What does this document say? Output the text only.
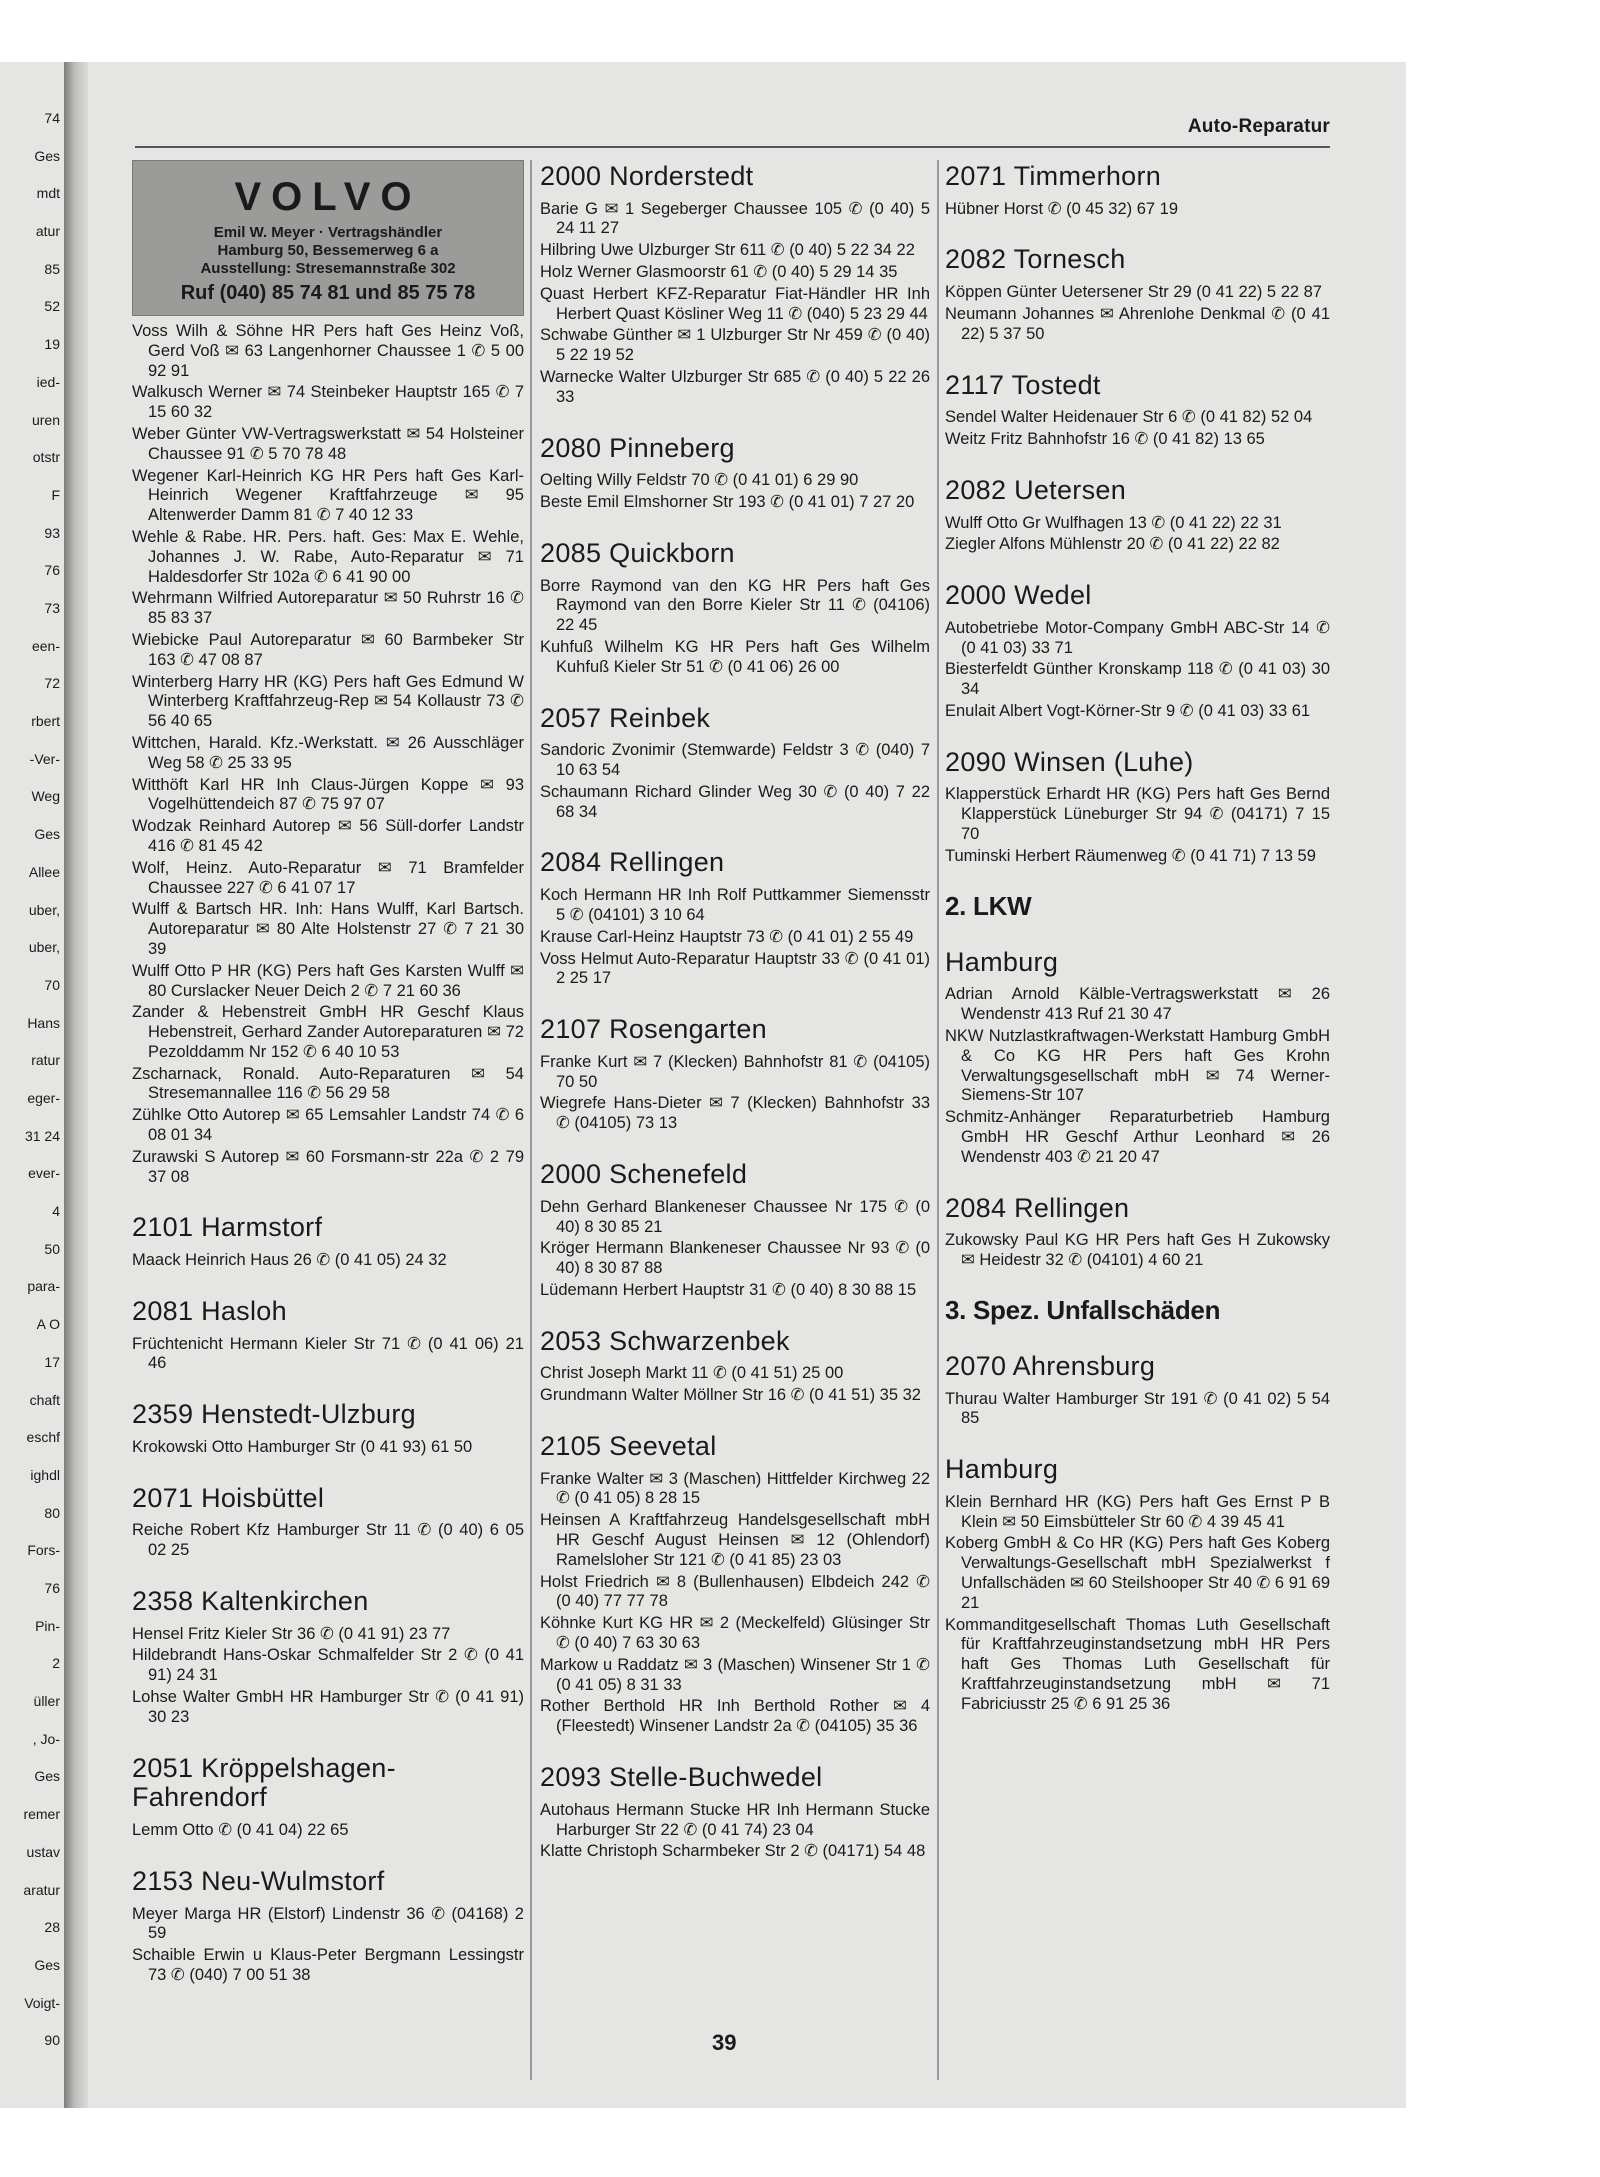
74
Ges
mdt
atur
85
52
19
ied-
uren
otstr
F
93
76
73
een-
72
rbert
-Ver-
Weg
Ges
Allee
uber,
uber,
70
Hans
ratur
eger-
31 24
ever-
4
50
para-
A O
17
chaft
eschf
ighdl
80
Fors-
76
Pin-
2
üller
, Jo-
Ges
remer
ustav
aratur
28
Ges
Voigt-
90
Auto-Reparatur
VOLVO
Emil W. Meyer · Vertragshändler
Hamburg 50, Bessemerweg 6 a
Ausstellung: Stresemannstraße 302
Ruf (040) 85 74 81 und 85 75 78
Voss Wilh & Söhne HR Pers haft Ges Heinz Voß, Gerd Voß ✉ 63 Langenhorner Chaussee 1 ✆ 5 00 92 91
Walkusch Werner ✉ 74 Steinbeker Hauptstr 165 ✆ 7 15 60 32
Weber Günter VW-Vertragswerkstatt ✉ 54 Holsteiner Chaussee 91 ✆ 5 70 78 48
Wegener Karl-Heinrich KG HR Pers haft Ges Karl-Heinrich Wegener Kraftfahrzeuge ✉ 95 Altenwerder Damm 81 ✆ 7 40 12 33
Wehle & Rabe. HR. Pers. haft. Ges: Max E. Wehle, Johannes J. W. Rabe, Auto-Reparatur ✉ 71 Haldesdorfer Str 102a ✆ 6 41 90 00
Wehrmann Wilfried Autoreparatur ✉ 50 Ruhrstr 16 ✆ 85 83 37
Wiebicke Paul Autoreparatur ✉ 60 Barmbeker Str 163 ✆ 47 08 87
Winterberg Harry HR (KG) Pers haft Ges Edmund W Winterberg Kraftfahrzeug-Rep ✉ 54 Kollaustr 73 ✆ 56 40 65
Wittchen, Harald. Kfz.-Werkstatt. ✉ 26 Ausschläger Weg 58 ✆ 25 33 95
Witthöft Karl HR Inh Claus-Jürgen Koppe ✉ 93 Vogelhüttendeich 87 ✆ 75 97 07
Wodzak Reinhard Autorep ✉ 56 Süll-dorfer Landstr 416 ✆ 81 45 42
Wolf, Heinz. Auto-Reparatur ✉ 71 Bramfelder Chaussee 227 ✆ 6 41 07 17
Wulff & Bartsch HR. Inh: Hans Wulff, Karl Bartsch. Autoreparatur ✉ 80 Alte Holstenstr 27 ✆ 7 21 30 39
Wulff Otto P HR (KG) Pers haft Ges Karsten Wulff ✉ 80 Curslacker Neuer Deich 2 ✆ 7 21 60 36
Zander & Hebenstreit GmbH HR Geschf Klaus Hebenstreit, Gerhard Zander Autoreparaturen ✉ 72 Pezolddamm Nr 152 ✆ 6 40 10 53
Zscharnack, Ronald. Auto-Reparaturen ✉ 54 Stresemannallee 116 ✆ 56 29 58
Zühlke Otto Autorep ✉ 65 Lemsahler Landstr 74 ✆ 6 08 01 34
Zurawski S Autorep ✉ 60 Forsmann-str 22a ✆ 2 79 37 08
2101 Harmstorf
Maack Heinrich Haus 26 ✆ (0 41 05) 24 32
2081 Hasloh
Früchtenicht Hermann Kieler Str 71 ✆ (0 41 06) 21 46
2359 Henstedt-Ulzburg
Krokowski Otto Hamburger Str (0 41 93) 61 50
2071 Hoisbüttel
Reiche Robert Kfz Hamburger Str 11 ✆ (0 40) 6 05 02 25
2358 Kaltenkirchen
Hensel Fritz Kieler Str 36 ✆ (0 41 91) 23 77
Hildebrandt Hans-Oskar Schmalfelder Str 2 ✆ (0 41 91) 24 31
Lohse Walter GmbH HR Hamburger Str ✆ (0 41 91) 30 23
2051 Kröppelshagen-Fahrendorf
Lemm Otto ✆ (0 41 04) 22 65
2153 Neu-Wulmstorf
Meyer Marga HR (Elstorf) Lindenstr 36 ✆ (04168) 2 59
Schaible Erwin u Klaus-Peter Bergmann Lessingstr 73 ✆ (040) 7 00 51 38
2000 Norderstedt
Barie G ✉ 1 Segeberger Chaussee 105 ✆ (0 40) 5 24 11 27
Hilbring Uwe Ulzburger Str 611 ✆ (0 40) 5 22 34 22
Holz Werner Glasmoorstr 61 ✆ (0 40) 5 29 14 35
Quast Herbert KFZ-Reparatur Fiat-Händler HR Inh Herbert Quast Kösliner Weg 11 ✆ (040) 5 23 29 44
Schwabe Günther ✉ 1 Ulzburger Str Nr 459 ✆ (0 40) 5 22 19 52
Warnecke Walter Ulzburger Str 685 ✆ (0 40) 5 22 26 33
2080 Pinneberg
Oelting Willy Feldstr 70 ✆ (0 41 01) 6 29 90
Beste Emil Elmshorner Str 193 ✆ (0 41 01) 7 27 20
2085 Quickborn
Borre Raymond van den KG HR Pers haft Ges Raymond van den Borre Kieler Str 11 ✆ (04106) 22 45
Kuhfuß Wilhelm KG HR Pers haft Ges Wilhelm Kuhfuß Kieler Str 51 ✆ (0 41 06) 26 00
2057 Reinbek
Sandoric Zvonimir (Stemwarde) Feldstr 3 ✆ (040) 7 10 63 54
Schaumann Richard Glinder Weg 30 ✆ (0 40) 7 22 68 34
2084 Rellingen
Koch Hermann HR Inh Rolf Puttkammer Siemensstr 5 ✆ (04101) 3 10 64
Krause Carl-Heinz Hauptstr 73 ✆ (0 41 01) 2 55 49
Voss Helmut Auto-Reparatur Hauptstr 33 ✆ (0 41 01) 2 25 17
2107 Rosengarten
Franke Kurt ✉ 7 (Klecken) Bahnhofstr 81 ✆ (04105) 70 50
Wiegrefe Hans-Dieter ✉ 7 (Klecken) Bahnhofstr 33 ✆ (04105) 73 13
2000 Schenefeld
Dehn Gerhard Blankeneser Chaussee Nr 175 ✆ (0 40) 8 30 85 21
Kröger Hermann Blankeneser Chaussee Nr 93 ✆ (0 40) 8 30 87 88
Lüdemann Herbert Hauptstr 31 ✆ (0 40) 8 30 88 15
2053 Schwarzenbek
Christ Joseph Markt 11 ✆ (0 41 51) 25 00
Grundmann Walter Möllner Str 16 ✆ (0 41 51) 35 32
2105 Seevetal
Franke Walter ✉ 3 (Maschen) Hittfelder Kirchweg 22 ✆ (0 41 05) 8 28 15
Heinsen A Kraftfahrzeug Handelsgesellschaft mbH HR Geschf August Heinsen ✉ 12 (Ohlendorf) Ramelsloher Str 121 ✆ (0 41 85) 23 03
Holst Friedrich ✉ 8 (Bullenhausen) Elbdeich 242 ✆ (0 40) 77 77 78
Köhnke Kurt KG HR ✉ 2 (Meckelfeld) Glüsinger Str ✆ (0 40) 7 63 30 63
Markow u Raddatz ✉ 3 (Maschen) Winsener Str 1 ✆ (0 41 05) 8 31 33
Rother Berthold HR Inh Berthold Rother ✉ 4 (Fleestedt) Winsener Landstr 2a ✆ (04105) 35 36
2093 Stelle-Buchwedel
Autohaus Hermann Stucke HR Inh Hermann Stucke Harburger Str 22 ✆ (0 41 74) 23 04
Klatte Christoph Scharmbeker Str 2 ✆ (04171) 54 48
2071 Timmerhorn
Hübner Horst ✆ (0 45 32) 67 19
2082 Tornesch
Köppen Günter Uetersener Str 29 (0 41 22) 5 22 87
Neumann Johannes ✉ Ahrenlohe Denkmal ✆ (0 41 22) 5 37 50
2117 Tostedt
Sendel Walter Heidenauer Str 6 ✆ (0 41 82) 52 04
Weitz Fritz Bahnhofstr 16 ✆ (0 41 82) 13 65
2082 Uetersen
Wulff Otto Gr Wulfhagen 13 ✆ (0 41 22) 22 31
Ziegler Alfons Mühlenstr 20 ✆ (0 41 22) 22 82
2000 Wedel
Autobetriebe Motor-Company GmbH ABC-Str 14 ✆ (0 41 03) 33 71
Biesterfeldt Günther Kronskamp 118 ✆ (0 41 03) 30 34
Enulait Albert Vogt-Körner-Str 9 ✆ (0 41 03) 33 61
2090 Winsen (Luhe)
Klapperstück Erhardt HR (KG) Pers haft Ges Bernd Klapperstück Lüneburger Str 94 ✆ (04171) 7 15 70
Tuminski Herbert Räumenweg ✆ (0 41 71) 7 13 59
2. LKW
Hamburg
Adrian Arnold Kälble-Vertragswerkstatt ✉ 26 Wendenstr 413 Ruf 21 30 47
NKW Nutzlastkraftwagen-Werkstatt Hamburg GmbH & Co KG HR Pers haft Ges Krohn Verwaltungsgesellschaft mbH ✉ 74 Werner-Siemens-Str 107
Schmitz-Anhänger Reparaturbetrieb Hamburg GmbH HR Geschf Arthur Leonhard ✉ 26 Wendenstr 403 ✆ 21 20 47
2084 Rellingen
Zukowsky Paul KG HR Pers haft Ges H Zukowsky ✉ Heidestr 32 ✆ (04101) 4 60 21
3. Spez. Unfallschäden
2070 Ahrensburg
Thurau Walter Hamburger Str 191 ✆ (0 41 02) 5 54 85
Hamburg
Klein Bernhard HR (KG) Pers haft Ges Ernst P B Klein ✉ 50 Eimsbütteler Str 60 ✆ 4 39 45 41
Koberg GmbH & Co HR (KG) Pers haft Ges Koberg Verwaltungs-Gesellschaft mbH Spezialwerkst f Unfallschäden ✉ 60 Steilshooper Str 40 ✆ 6 91 69 21
Kommanditgesellschaft Thomas Luth Gesellschaft für Kraftfahrzeuginstandsetzung mbH HR Pers haft Ges Thomas Luth Gesellschaft für Kraftfahrzeuginstandsetzung mbH ✉ 71 Fabriciusstr 25 ✆ 6 91 25 36
39
